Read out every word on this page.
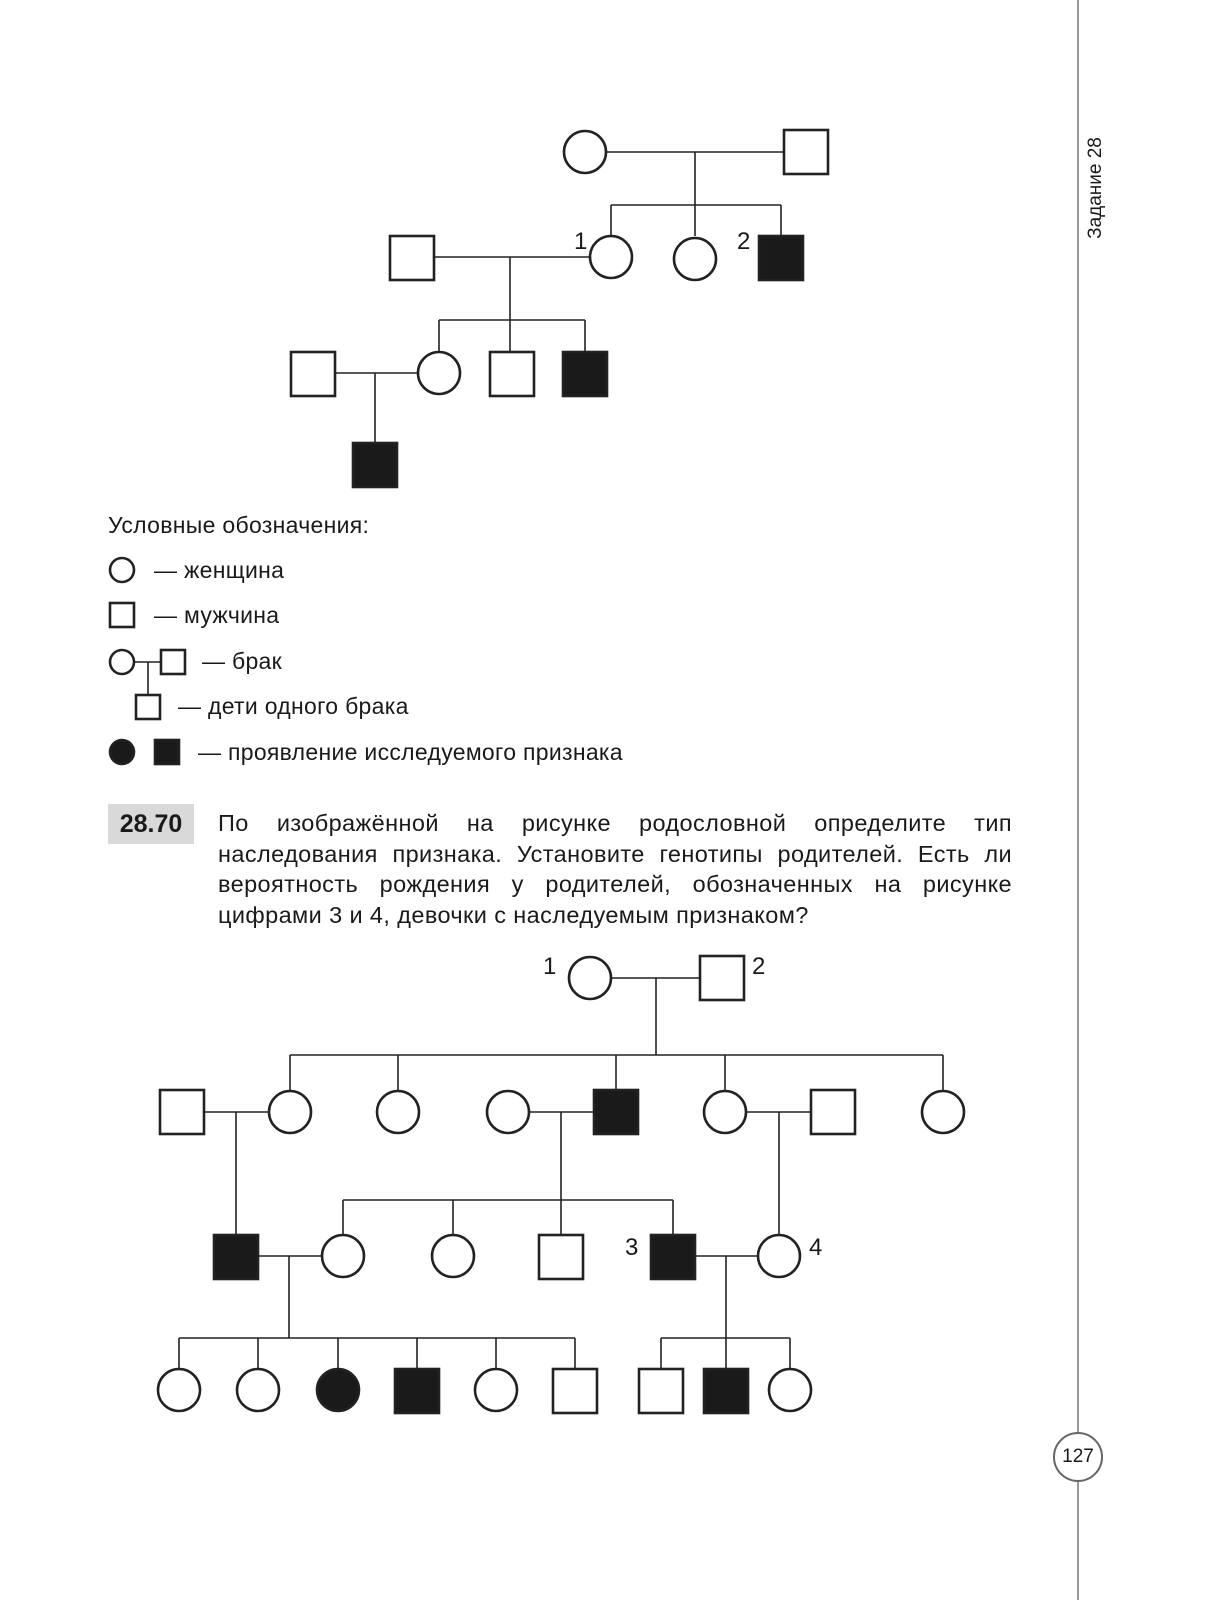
1	2
Условные обозначения:
— женщина
— мужчина
— брак
— дети одного брака
— проявление исследуемого признака
28.70	По изображённой на рисунке родословной определите тип наследования признака. Установите генотипы родителей. Есть ли вероятность рождения у родителей, обозначенных на рисунке цифрами 3 и 4, девочки с наследуемым признаком?
1	2
3	4
Задание 28
127
